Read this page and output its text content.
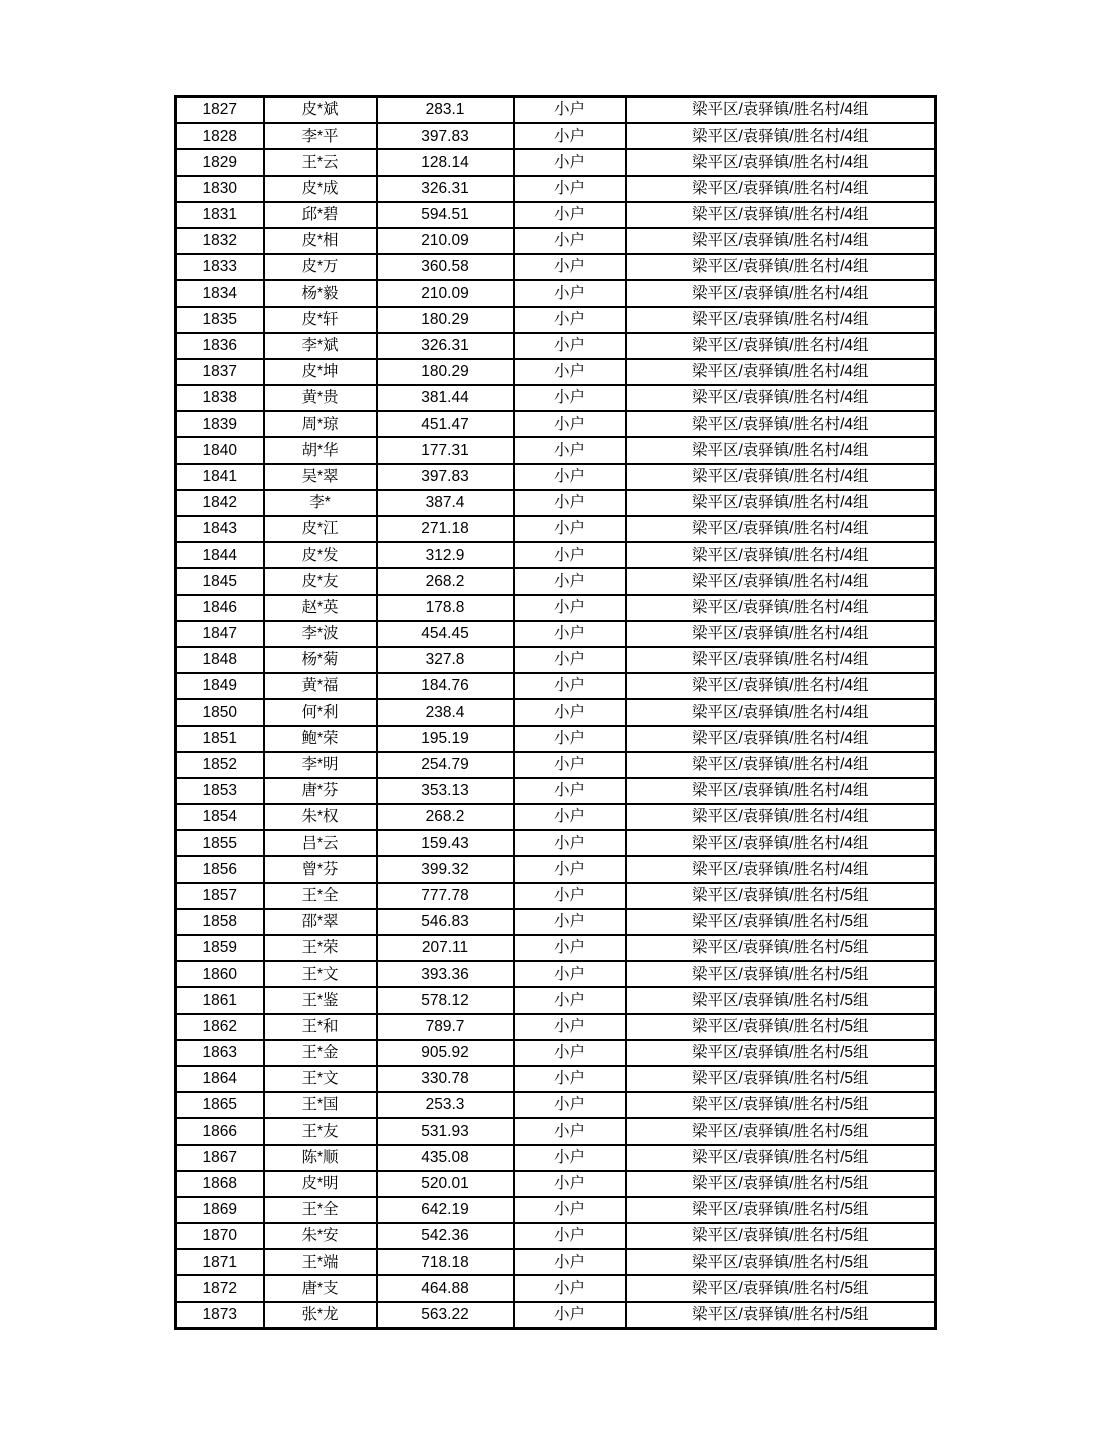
1827	皮*斌	283.1	小户	梁平区/袁驿镇/胜名村/4组
1828	李*平	397.83	小户	梁平区/袁驿镇/胜名村/4组
1829	王*云	128.14	小户	梁平区/袁驿镇/胜名村/4组
1830	皮*成	326.31	小户	梁平区/袁驿镇/胜名村/4组
1831	邱*碧	594.51	小户	梁平区/袁驿镇/胜名村/4组
1832	皮*相	210.09	小户	梁平区/袁驿镇/胜名村/4组
1833	皮*万	360.58	小户	梁平区/袁驿镇/胜名村/4组
1834	杨*毅	210.09	小户	梁平区/袁驿镇/胜名村/4组
1835	皮*轩	180.29	小户	梁平区/袁驿镇/胜名村/4组
1836	李*斌	326.31	小户	梁平区/袁驿镇/胜名村/4组
1837	皮*坤	180.29	小户	梁平区/袁驿镇/胜名村/4组
1838	黄*贵	381.44	小户	梁平区/袁驿镇/胜名村/4组
1839	周*琼	451.47	小户	梁平区/袁驿镇/胜名村/4组
1840	胡*华	177.31	小户	梁平区/袁驿镇/胜名村/4组
1841	吴*翠	397.83	小户	梁平区/袁驿镇/胜名村/4组
1842	李*	387.4	小户	梁平区/袁驿镇/胜名村/4组
1843	皮*江	271.18	小户	梁平区/袁驿镇/胜名村/4组
1844	皮*发	312.9	小户	梁平区/袁驿镇/胜名村/4组
1845	皮*友	268.2	小户	梁平区/袁驿镇/胜名村/4组
1846	赵*英	178.8	小户	梁平区/袁驿镇/胜名村/4组
1847	李*波	454.45	小户	梁平区/袁驿镇/胜名村/4组
1848	杨*菊	327.8	小户	梁平区/袁驿镇/胜名村/4组
1849	黄*福	184.76	小户	梁平区/袁驿镇/胜名村/4组
1850	何*利	238.4	小户	梁平区/袁驿镇/胜名村/4组
1851	鲍*荣	195.19	小户	梁平区/袁驿镇/胜名村/4组
1852	李*明	254.79	小户	梁平区/袁驿镇/胜名村/4组
1853	唐*芬	353.13	小户	梁平区/袁驿镇/胜名村/4组
1854	朱*权	268.2	小户	梁平区/袁驿镇/胜名村/4组
1855	吕*云	159.43	小户	梁平区/袁驿镇/胜名村/4组
1856	曾*芬	399.32	小户	梁平区/袁驿镇/胜名村/4组
1857	王*全	777.78	小户	梁平区/袁驿镇/胜名村/5组
1858	邵*翠	546.83	小户	梁平区/袁驿镇/胜名村/5组
1859	王*荣	207.11	小户	梁平区/袁驿镇/胜名村/5组
1860	王*文	393.36	小户	梁平区/袁驿镇/胜名村/5组
1861	王*鉴	578.12	小户	梁平区/袁驿镇/胜名村/5组
1862	王*和	789.7	小户	梁平区/袁驿镇/胜名村/5组
1863	王*金	905.92	小户	梁平区/袁驿镇/胜名村/5组
1864	王*文	330.78	小户	梁平区/袁驿镇/胜名村/5组
1865	王*国	253.3	小户	梁平区/袁驿镇/胜名村/5组
1866	王*友	531.93	小户	梁平区/袁驿镇/胜名村/5组
1867	陈*顺	435.08	小户	梁平区/袁驿镇/胜名村/5组
1868	皮*明	520.01	小户	梁平区/袁驿镇/胜名村/5组
1869	王*全	642.19	小户	梁平区/袁驿镇/胜名村/5组
1870	朱*安	542.36	小户	梁平区/袁驿镇/胜名村/5组
1871	王*端	718.18	小户	梁平区/袁驿镇/胜名村/5组
1872	唐*支	464.88	小户	梁平区/袁驿镇/胜名村/5组
1873	张*龙	563.22	小户	梁平区/袁驿镇/胜名村/5组
